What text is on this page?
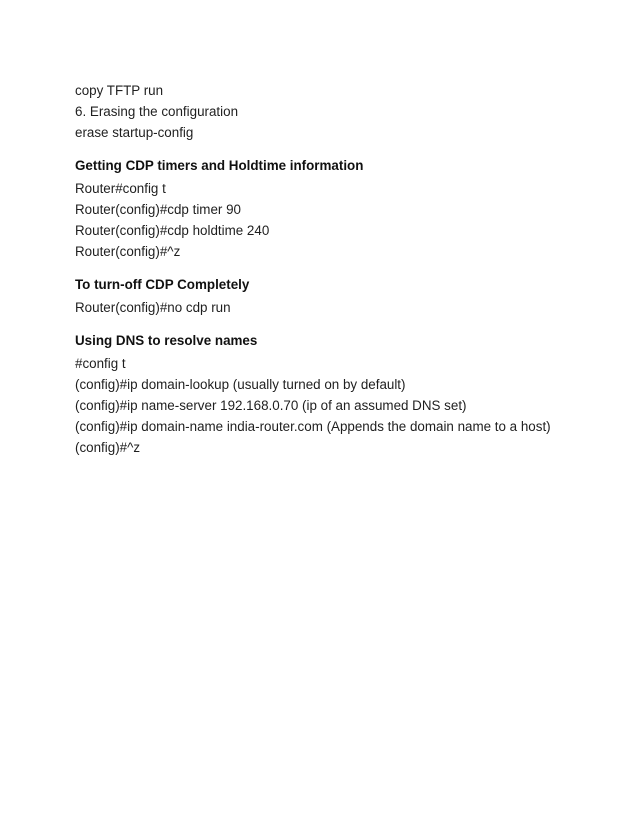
copy TFTP run
6. Erasing the configuration
erase startup-config
Getting CDP timers and Holdtime information
Router#config t
Router(config)#cdp timer 90
Router(config)#cdp holdtime 240
Router(config)#^z
To turn-off CDP Completely
Router(config)#no cdp run
Using DNS to resolve names
#config t
(config)#ip domain-lookup (usually turned on by default)
(config)#ip name-server 192.168.0.70 (ip of an assumed DNS set)
(config)#ip domain-name india-router.com (Appends the domain name to a host)
(config)#^z
